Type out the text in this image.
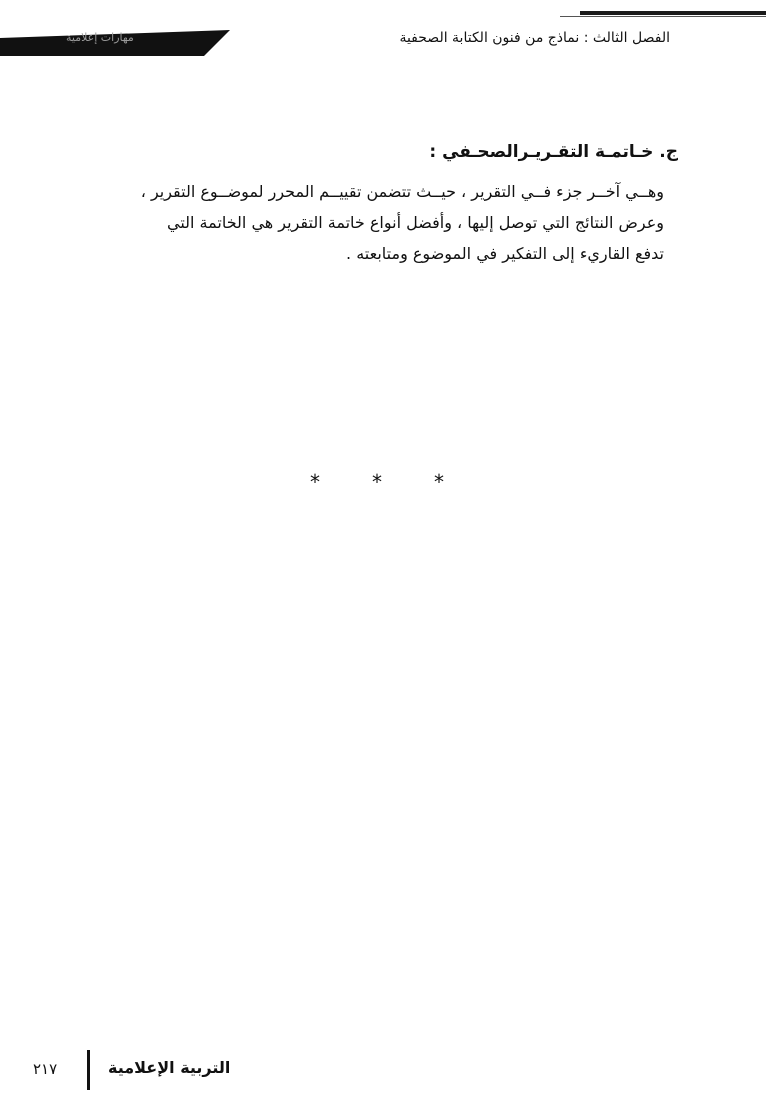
الفصل الثالث : نماذج من فنون الكتابة الصحفية
مهارات إعلامية
ج. خـاتمـة التقـريـرالصحـفي :
وهــي آخــر جزء فــي التقرير ، حيــث تتضمن تقييــم المحرر لموضــوع التقرير ،
وعرض النتائج التي توصل إليها ، وأفضل أنواع خاتمة التقرير هي الخاتمة التي
تدفع القاريء إلى التفكير في الموضوع ومتابعته .
*	*	*
التربية الإعلامية
٢١٧
